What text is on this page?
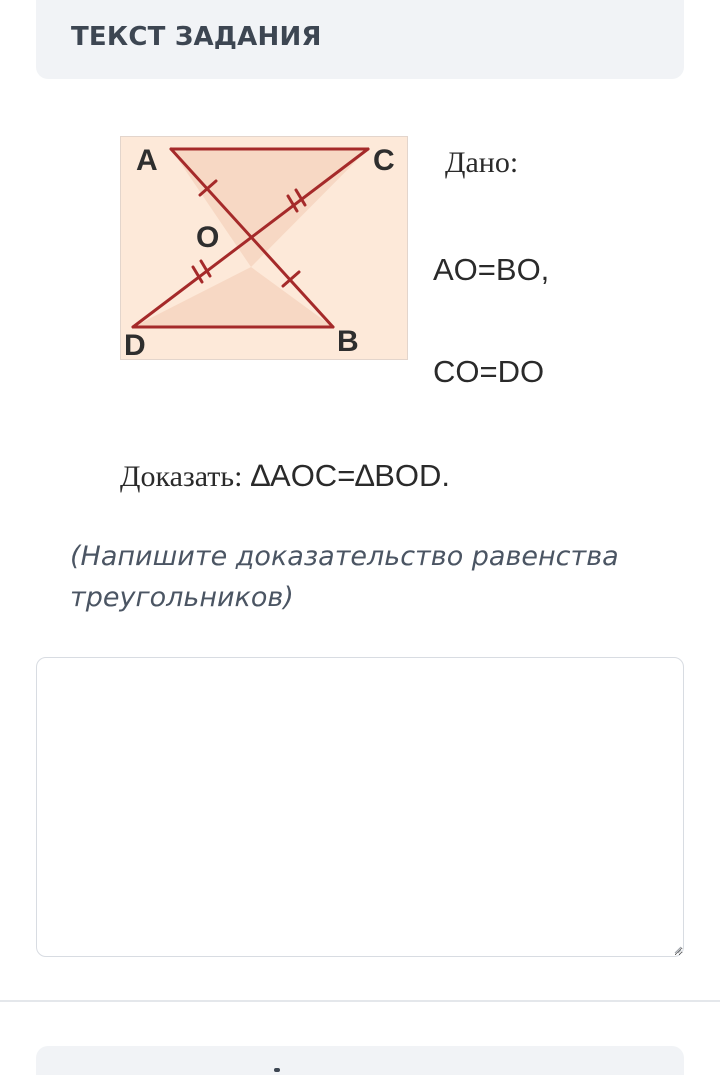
ТЕКСТ ЗАДАНИЯ
A	C
O
D	B
Дано:
AO=BO,
CO=DO
Доказать: ∆AOC=∆BOD.
(Напишите доказательство равенства треугольников)
